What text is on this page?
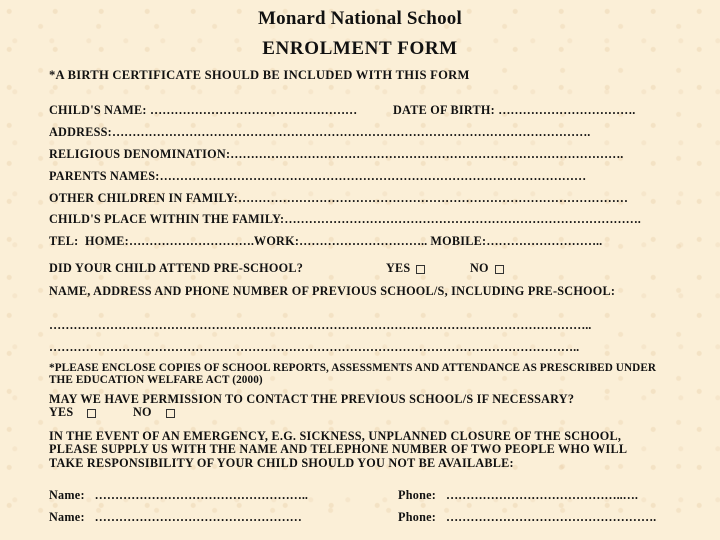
Monard National School
ENROLMENT FORM
*A BIRTH CERTIFICATE SHOULD BE INCLUDED WITH THIS FORM
CHILD'S NAME: ……………………………………………	DATE OF BIRTH: …………………………….
ADDRESS:……………………………………………………………………………………………………….
RELIGIOUS DENOMINATION:…………………………………………………………………………………….
PARENTS NAMES:……………………………………………………………………………………………
OTHER CHILDREN IN FAMILY:……………………………………………………………………………………
CHILD'S PLACE WITHIN THE FAMILY:…………………………………………………………………………….
TEL: HOME:………………………….WORK:………………………….. MOBILE:………………………..
DID YOUR CHILD ATTEND PRE-SCHOOL?	YES	NO
NAME, ADDRESS AND PHONE NUMBER OF PREVIOUS SCHOOL/S, INCLUDING PRE-SCHOOL:
……………………………………………………………………………………………………………………..
…………………………………………………………………………………………………………………..
*PLEASE ENCLOSE COPIES OF SCHOOL REPORTS, ASSESSMENTS AND ATTENDANCE AS PRESCRIBED UNDER THE EDUCATION WELFARE ACT (2000)
MAY WE HAVE PERMISSION TO CONTACT THE PREVIOUS SCHOOL/S IF NECESSARY?
YES	NO
IN THE EVENT OF AN EMERGENCY, E.G. SICKNESS, UNPLANNED CLOSURE OF THE SCHOOL, PLEASE SUPPLY US WITH THE NAME AND TELEPHONE NUMBER OF TWO PEOPLE WHO WILL TAKE RESPONSIBILITY OF YOUR CHILD SHOULD YOU NOT BE AVAILABLE:
Name: ……………………………………………..	Phone: ……………………………………..….
Name: ……………………………………………	Phone: …………………………………………….
